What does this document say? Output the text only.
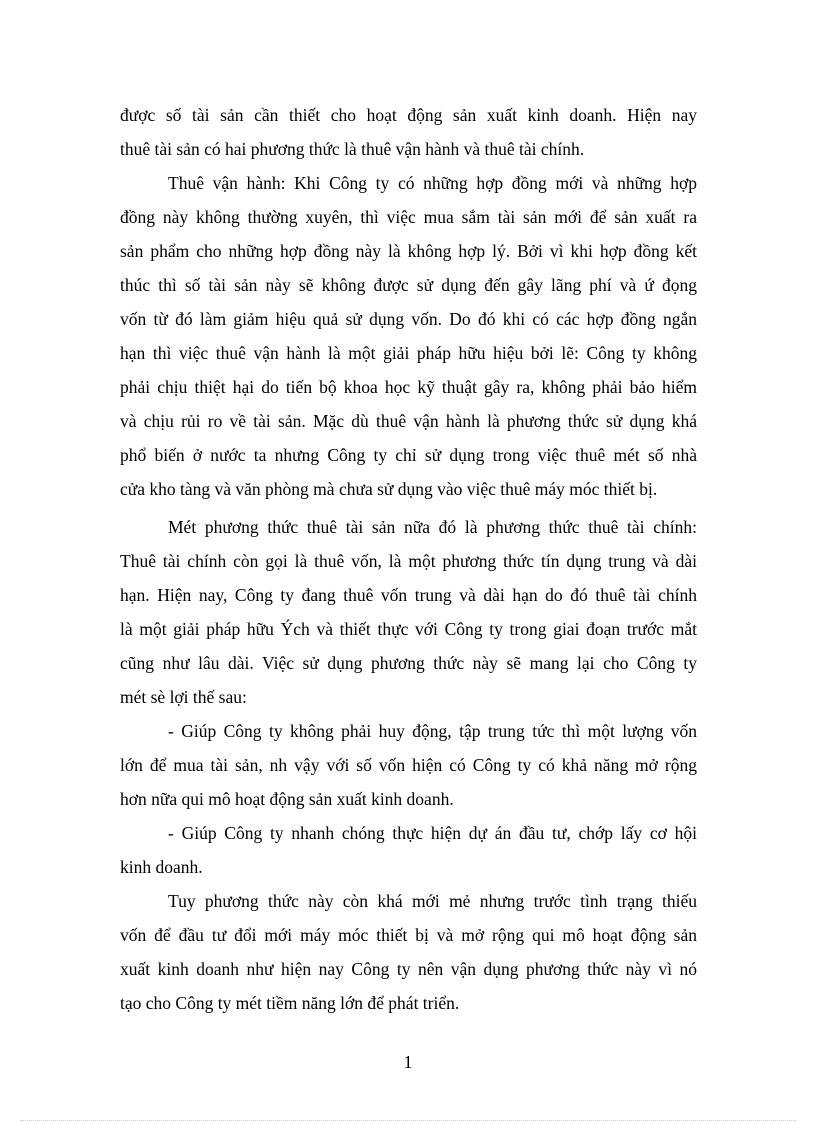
được số tài sản cần thiết cho hoạt động sản xuất kinh doanh. Hiện nay
thuê tài sản có hai phương thức là thuê vận hành và thuê tài chính.
Thuê vận hành: Khi Công ty có những hợp đồng mới và những hợp
đồng này không thường xuyên, thì việc mua sắm tài sản mới để sản xuất ra
sản phẩm cho những hợp đồng này là không hợp lý. Bởi vì khi hợp đồng kết
thúc thì số tài sản này sẽ không được sử dụng đến gây lãng phí và ứ đọng
vốn từ đó làm giảm hiệu quả sử dụng vốn. Do đó khi có các hợp đồng ngắn
hạn thì việc thuê vận hành là một giải pháp hữu hiệu bởi lẽ: Công ty không
phải chịu thiệt hại do tiến bộ khoa học kỹ thuật gây ra, không phải bảo hiểm
và chịu rủi ro về tài sản. Mặc dù thuê vận hành là phương thức sử dụng khá
phổ biến ở nước ta nhưng Công ty chỉ sử dụng trong việc thuê mét số nhà
cửa kho tàng và văn phòng mà chưa sử dụng vào việc thuê máy móc thiết bị.
Mét phương thức thuê tài sản nữa đó là phương thức thuê tài chính:
Thuê tài chính còn gọi là thuê vốn, là một phương thức tín dụng trung và dài
hạn. Hiện nay, Công ty đang thuê vốn trung và dài hạn do đó thuê tài chính
là một giải pháp hữu Ých và thiết thực với Công ty trong giai đoạn trước mắt
cũng như lâu dài. Việc sử dụng phương thức này sẽ mang lại cho Công ty
mét sè lợi thế sau:
- Giúp Công ty không phải huy động, tập trung tức thì một lượng vốn
lớn để mua tài sản, nh vậy với số vốn hiện có Công ty có khả năng mở rộng
hơn nữa qui mô hoạt động sản xuất kinh doanh.
- Giúp Công ty nhanh chóng thực hiện dự án đầu tư, chớp lấy cơ hội
kinh doanh.
Tuy phương thức này còn khá mới mẻ nhưng trước tình trạng thiếu
vốn để đầu tư đổi mới máy móc thiết bị và mở rộng qui mô hoạt động sản
xuất kinh doanh như hiện nay Công ty nên vận dụng phương thức này vì nó
tạo cho Công ty mét tiềm năng lớn để phát triển.
1
